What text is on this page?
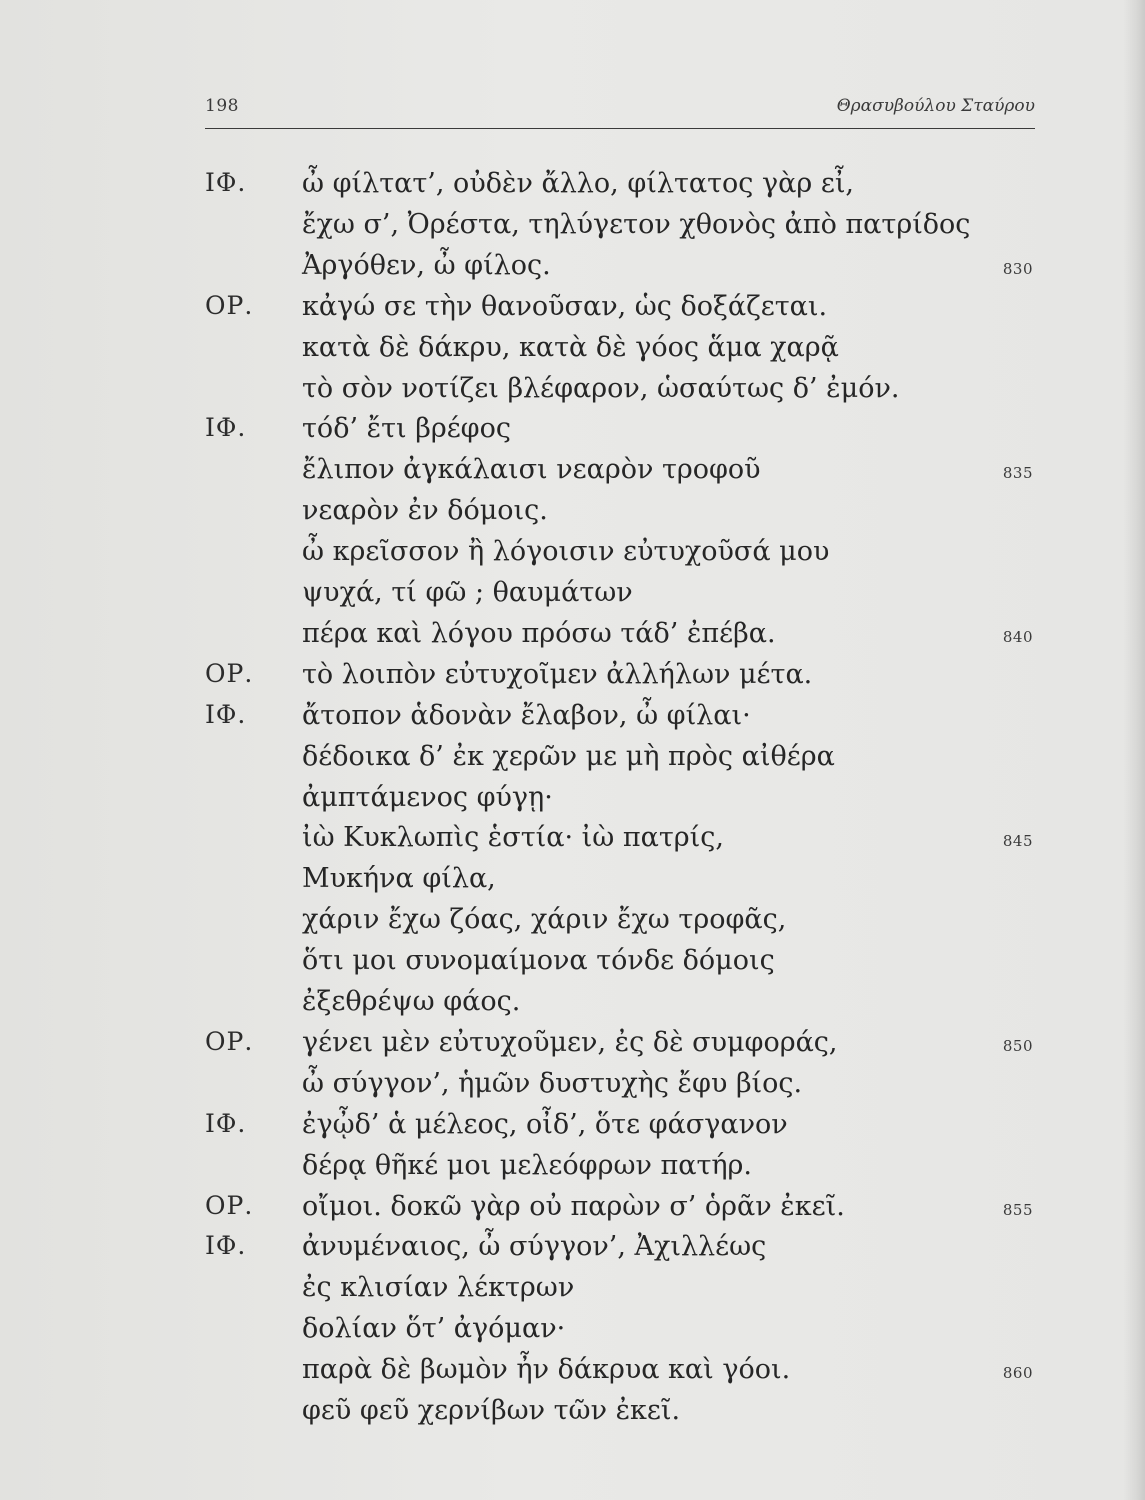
198	Θρασυβούλου Σταύρου
ΙΦ. ὦ φίλτατ’, οὐδὲν ἄλλο, φίλτατος γὰρ εἶ,
ἔχω σ’, Ὀρέστα, τηλύγετον χθονὸς ἀπὸ πατρίδος
Ἀργόθεν, ὦ φίλος.	830
ΟΡ. κἀγώ σε τὴν θανοῦσαν, ὡς δοξάζεται.
κατὰ δὲ δάκρυ, κατὰ δὲ γόος ἅμα χαρᾷ
τὸ σὸν νοτίζει βλέφαρον, ὡσαύτως δ’ ἐμόν.
ΙΦ. τόδ’ ἔτι βρέφος
ἔλιπον ἀγκάλαισι νεαρὸν τροφοῦ	835
νεαρὸν ἐν δόμοις.
ὦ κρεῖσσον ἢ λόγοισιν εὐτυχοῦσά μου
ψυχά, τί φῶ ; θαυμάτων
πέρα καὶ λόγου πρόσω τάδ’ ἐπέβα.	840
ΟΡ. τὸ λοιπὸν εὐτυχοῖμεν ἀλλήλων μέτα.
ΙΦ. ἄτοπον ἁδονὰν ἔλαβον, ὦ φίλαι·
δέδοικα δ’ ἐκ χερῶν με μὴ πρὸς αἰθέρα
ἀμπτάμενος φύγῃ·
ἰὼ Κυκλωπὶς ἑστία· ἰὼ πατρίς,	845
Μυκήνα φίλα,
χάριν ἔχω ζόας, χάριν ἔχω τροφᾶς,
ὅτι μοι συνομαίμονα τόνδε δόμοις
ἐξεθρέψω φάος.
ΟΡ. γένει μὲν εὐτυχοῦμεν, ἐς δὲ συμφοράς,	850
ὦ σύγγον’, ἡμῶν δυστυχὴς ἔφυ βίος.
ΙΦ. ἐγᾦδ’ ἁ μέλεος, οἶδ’, ὅτε φάσγανον
δέρᾳ θῆκέ μοι μελεόφρων πατήρ.
ΟΡ. οἴμοι. δοκῶ γὰρ οὐ παρὼν σ’ ὁρᾶν ἐκεῖ.	855
ΙΦ. ἀνυμέναιος, ὦ σύγγον’, Ἀχιλλέως
ἐς κλισίαν λέκτρων
δολίαν ὅτ’ ἀγόμαν·
παρὰ δὲ βωμὸν ἦν δάκρυα καὶ γόοι.	860
φεῦ φεῦ χερνίβων τῶν ἐκεῖ.
